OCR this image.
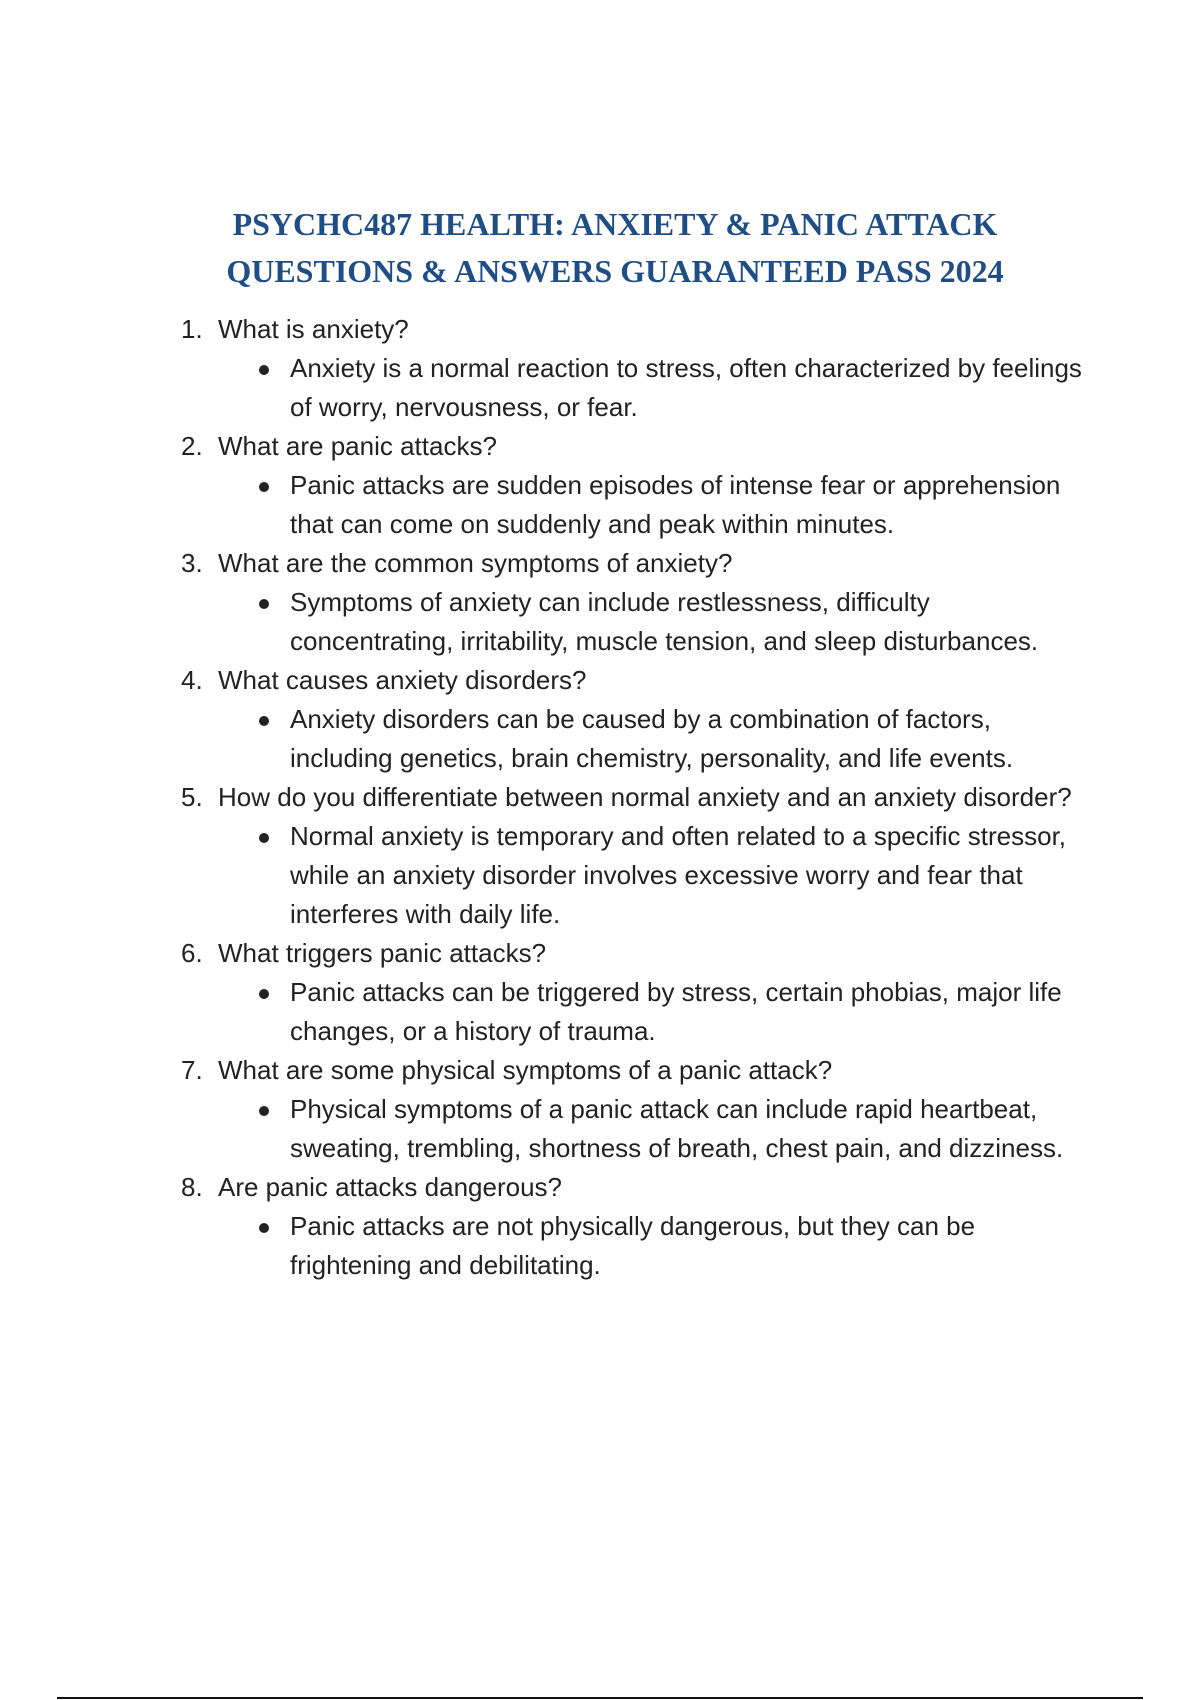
PSYCHC487 HEALTH: ANXIETY & PANIC ATTACK
QUESTIONS & ANSWERS GUARANTEED PASS 2024
1. What is anxiety?
Anxiety is a normal reaction to stress, often characterized by feelings of worry, nervousness, or fear.
2. What are panic attacks?
Panic attacks are sudden episodes of intense fear or apprehension that can come on suddenly and peak within minutes.
3. What are the common symptoms of anxiety?
Symptoms of anxiety can include restlessness, difficulty concentrating, irritability, muscle tension, and sleep disturbances.
4. What causes anxiety disorders?
Anxiety disorders can be caused by a combination of factors, including genetics, brain chemistry, personality, and life events.
5. How do you differentiate between normal anxiety and an anxiety disorder?
Normal anxiety is temporary and often related to a specific stressor, while an anxiety disorder involves excessive worry and fear that interferes with daily life.
6. What triggers panic attacks?
Panic attacks can be triggered by stress, certain phobias, major life changes, or a history of trauma.
7. What are some physical symptoms of a panic attack?
Physical symptoms of a panic attack can include rapid heartbeat, sweating, trembling, shortness of breath, chest pain, and dizziness.
8. Are panic attacks dangerous?
Panic attacks are not physically dangerous, but they can be frightening and debilitating.
